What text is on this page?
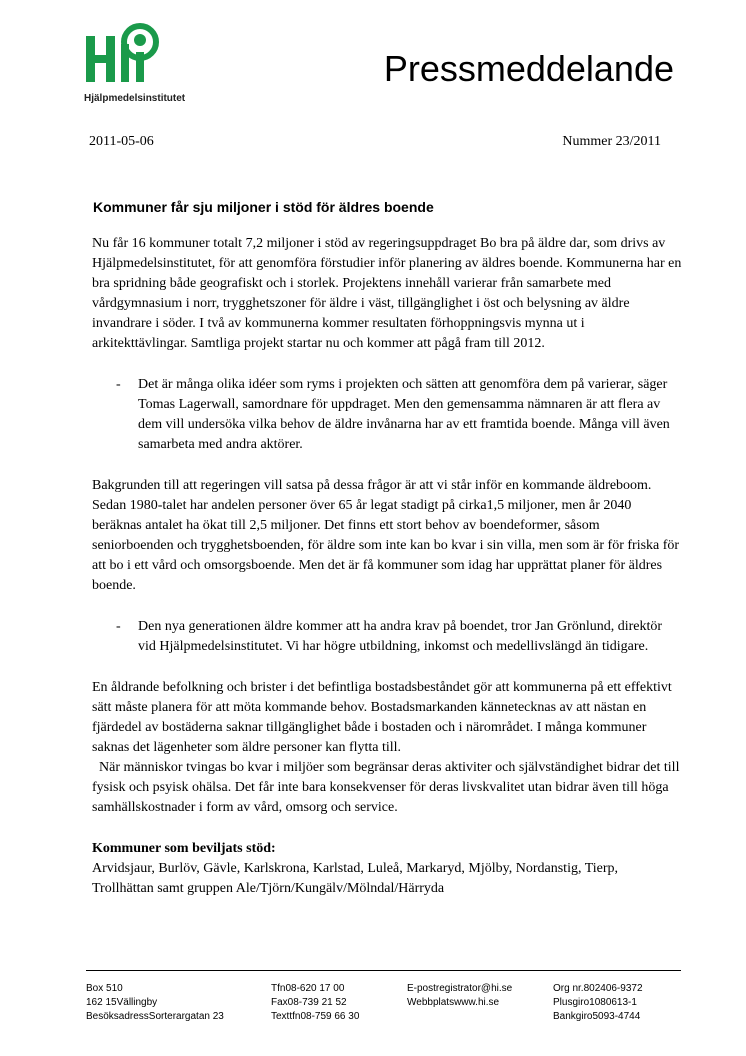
Hjälpmedelsinstitutet
Pressmeddelande
2011-05-06	Nummer 23/2011
Kommuner får sju miljoner i stöd för äldres boende

Nu får 16 kommuner totalt 7,2 miljoner i stöd av regeringsuppdraget Bo bra på äldre dar, som drivs av Hjälpmedelsinstitutet, för att genomföra förstudier inför planering av äldres boende. Kommunerna har en bra spridning både geografiskt och i storlek. Projektens innehåll varierar från samarbete med vårdgymnasium i norr, trygghetszoner för äldre i väst, tillgänglighet i öst och belysning av äldre invandrare i söder. I två av kommunerna kommer resultaten förhoppningsvis mynna ut i arkitekttävlingar. Samtliga projekt startar nu och kommer att pågå fram till 2012.

- Det är många olika idéer som ryms i projekten och sätten att genomföra dem på varierar, säger Tomas Lagerwall, samordnare för uppdraget. Men den gemensamma nämnaren är att flera av dem vill undersöka vilka behov de äldre invånarna har av ett framtida boende. Många vill även samarbeta med andra aktörer.

Bakgrunden till att regeringen vill satsa på dessa frågor är att vi står inför en kommande äldreboom. Sedan 1980-talet har andelen personer över 65 år legat stadigt på cirka1,5 miljoner, men år 2040 beräknas antalet ha ökat till 2,5 miljoner. Det finns ett stort behov av boendeformer, såsom seniorboenden och trygghetsboenden, för äldre som inte kan bo kvar i sin villa, men som är för friska för att bo i ett vård och omsorgsboende. Men det är få kommuner som idag har upprättat planer för äldres boende.

- Den nya generationen äldre kommer att ha andra krav på boendet, tror Jan Grönlund, direktör vid Hjälpmedelsinstitutet. Vi har högre utbildning, inkomst och medellivslängd än tidigare.

En åldrande befolkning och brister i det befintliga bostadsbeståndet gör att kommunerna på ett effektivt sätt måste planera för att möta kommande behov. Bostadsmarkanden kännetecknas av att nästan en fjärdedel av bostäderna saknar tillgänglighet både i bostaden och i närområdet. I många kommuner saknas det lägenheter som äldre personer kan flytta till.
När människor tvingas bo kvar i miljöer som begränsar deras aktiviter och självständighet bidrar det till fysisk och psyisk ohälsa. Det får inte bara konsekvenser för deras livskvalitet utan bidrar även till höga samhällskostnader i form av vård, omsorg och service.

Kommuner som beviljats stöd:
Arvidsjaur, Burlöv, Gävle, Karlskrona, Karlstad, Luleå, Markaryd, Mjölby, Nordanstig, Tierp, Trollhättan samt gruppen Ale/Tjörn/Kungälv/Mölndal/Härryda
Box 510
162 15Vällingby
BesöksadressSorterargatan 23
Tfn08-620 17 00
Fax08-739 21 52
Texttfn08-759 66 30
E-postregistrator@hi.se
Webbplatswww.hi.se
Org nr.802406-9372
Plusgiro1080613-1
Bankgiro5093-4744
